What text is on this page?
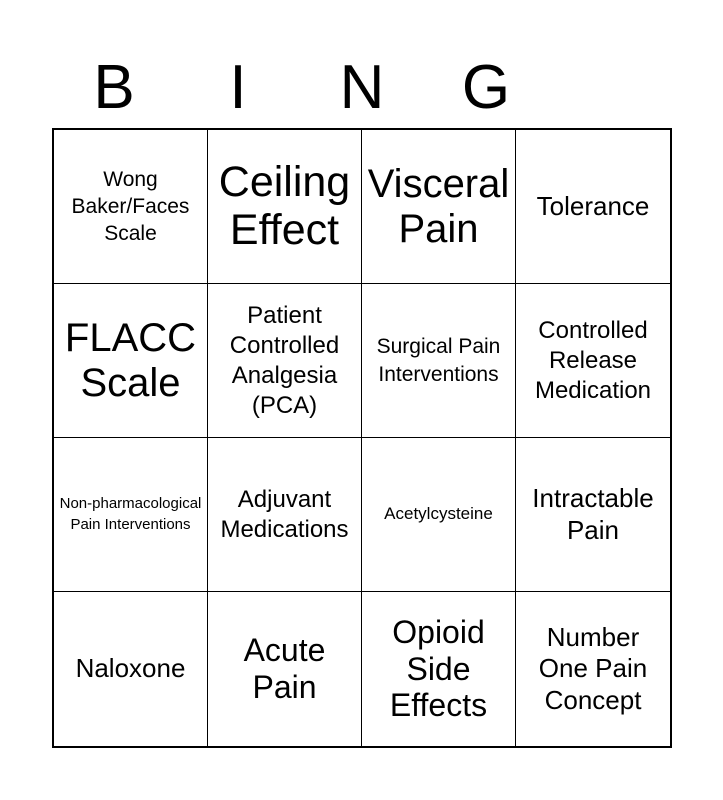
B	I	N	G
Wong Baker/Faces Scale
Ceiling Effect
Visceral Pain
Tolerance
FLACC Scale
Patient Controlled Analgesia (PCA)
Surgical Pain Interventions
Controlled Release Medication
Non-pharmacological Pain Interventions
Adjuvant Medications
Acetylcysteine
Intractable Pain
Naloxone
Acute Pain
Opioid Side Effects
Number One Pain Concept
